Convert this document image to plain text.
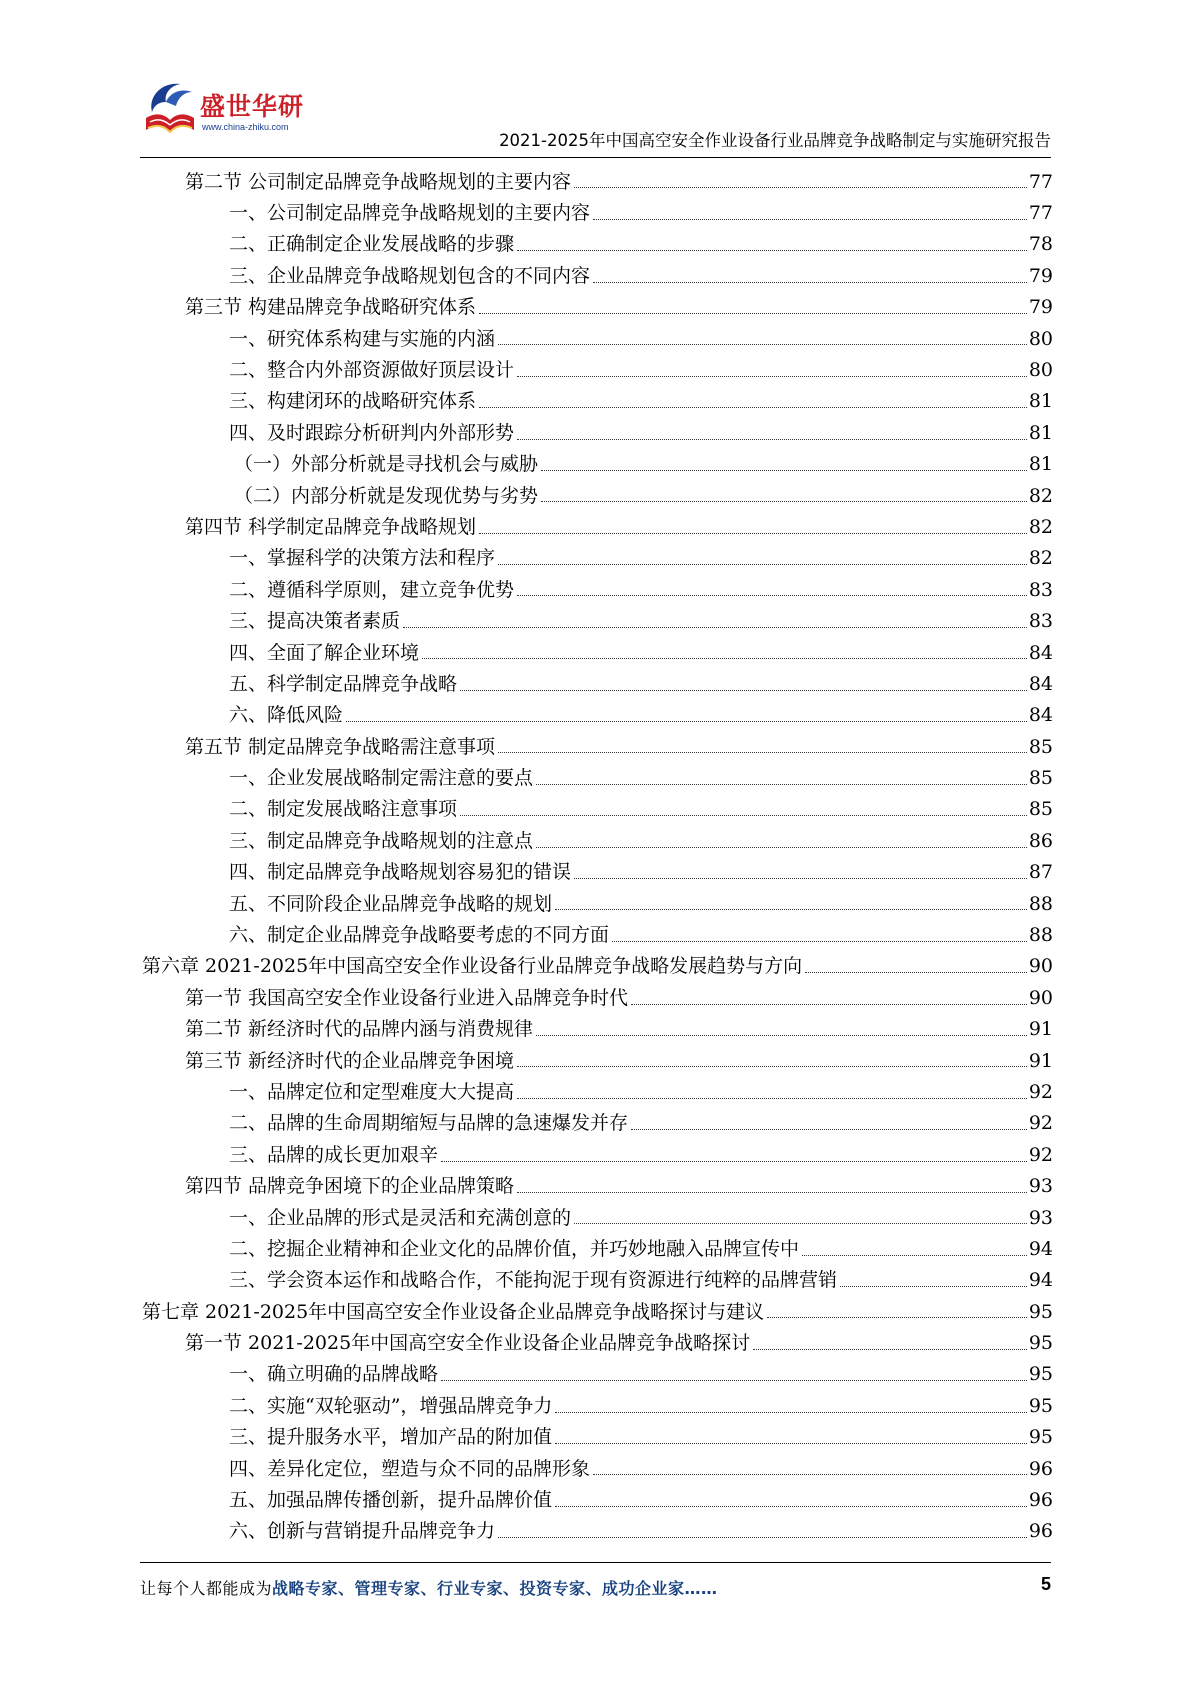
盛世华研
www.china-zhiku.com
2021-2025年中国高空安全作业设备行业品牌竞争战略制定与实施研究报告
第二节 公司制定品牌竞争战略规划的主要内容	77
一、公司制定品牌竞争战略规划的主要内容	77
二、正确制定企业发展战略的步骤	78
三、企业品牌竞争战略规划包含的不同内容	79
第三节 构建品牌竞争战略研究体系	79
一、研究体系构建与实施的内涵	80
二、整合内外部资源做好顶层设计	80
三、构建闭环的战略研究体系	81
四、及时跟踪分析研判内外部形势	81
（一）外部分析就是寻找机会与威胁	81
（二）内部分析就是发现优势与劣势	82
第四节 科学制定品牌竞争战略规划	82
一、掌握科学的决策方法和程序	82
二、遵循科学原则，建立竞争优势	83
三、提高决策者素质	83
四、全面了解企业环境	84
五、科学制定品牌竞争战略	84
六、降低风险	84
第五节 制定品牌竞争战略需注意事项	85
一、企业发展战略制定需注意的要点	85
二、制定发展战略注意事项	85
三、制定品牌竞争战略规划的注意点	86
四、制定品牌竞争战略规划容易犯的错误	87
五、不同阶段企业品牌竞争战略的规划	88
六、制定企业品牌竞争战略要考虑的不同方面	88
第六章 2021-2025年中国高空安全作业设备行业品牌竞争战略发展趋势与方向	90
第一节 我国高空安全作业设备行业进入品牌竞争时代	90
第二节 新经济时代的品牌内涵与消费规律	91
第三节 新经济时代的企业品牌竞争困境	91
一、品牌定位和定型难度大大提高	92
二、品牌的生命周期缩短与品牌的急速爆发并存	92
三、品牌的成长更加艰辛	92
第四节 品牌竞争困境下的企业品牌策略	93
一、企业品牌的形式是灵活和充满创意的	93
二、挖掘企业精神和企业文化的品牌价值，并巧妙地融入品牌宣传中	94
三、学会资本运作和战略合作，不能拘泥于现有资源进行纯粹的品牌营销	94
第七章 2021-2025年中国高空安全作业设备企业品牌竞争战略探讨与建议	95
第一节 2021-2025年中国高空安全作业设备企业品牌竞争战略探讨	95
一、确立明确的品牌战略	95
二、实施“双轮驱动”，增强品牌竞争力	95
三、提升服务水平，增加产品的附加值	95
四、差异化定位，塑造与众不同的品牌形象	96
五、加强品牌传播创新，提升品牌价值	96
六、创新与营销提升品牌竞争力	96
让每个人都能成为战略专家、管理专家、行业专家、投资专家、成功企业家……	5
